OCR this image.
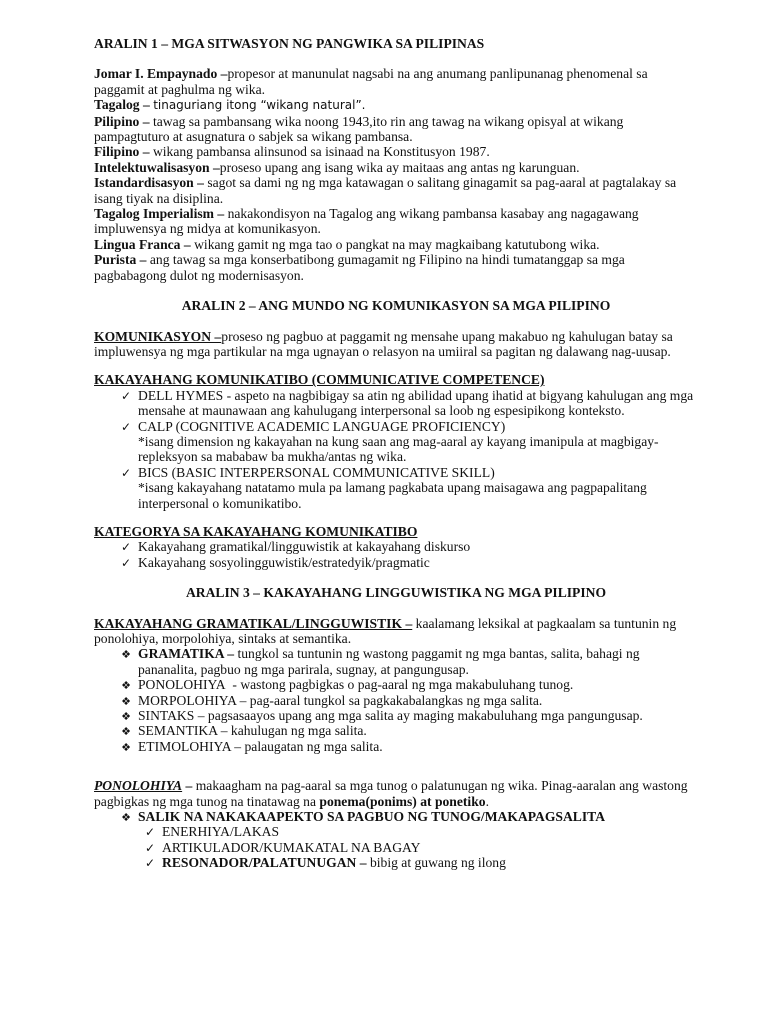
ARALIN 1 – MGA SITWASYON NG PANGWIKA SA PILIPINAS

Jomar I. Empaynado –propesor at manunulat nagsabi na ang anumang panlipunanag phenomenal sa paggamit at paghulma ng wika.

Tagalog – tinaguriang itong “wikang natural”.

Pilipino – tawag sa pambansang wika noong 1943,ito rin ang tawag na wikang opisyal at wikang pampagtuturo at asugnatura o sabjek sa wikang pambansa.

Filipino – wikang pambansa alinsunod sa isinaad na Konstitusyon 1987.

Intelektuwalisasyon –proseso upang ang isang wika ay maitaas ang antas ng karunguan.

Istandardisasyon – sagot sa dami ng ng mga katawagan o salitang ginagamit sa pag-aaral at pagtalakay sa isang tiyak na disiplina.

Tagalog Imperialism – nakakondisyon na Tagalog ang wikang pambansa kasabay ang nagagawang impluwensya ng midya at komunikasyon.

Lingua Franca – wikang gamit ng mga tao o pangkat na may magkaibang katutubong wika.

Purista – ang tawag sa mga konserbatibong gumagamit ng Filipino na hindi tumatanggap sa mga pagbabagong dulot ng modernisasyon.

ARALIN 2 – ANG MUNDO NG KOMUNIKASYON SA MGA PILIPINO

KOMUNIKASYON –proseso ng pagbuo at paggamit ng mensahe upang makabuo ng kahulugan batay sa impluwensya ng mga partikular na mga ugnayan o relasyon na umiiral sa pagitan ng dalawang nag-uusap.

KAKAYAHANG KOMUNIKATIBO (COMMUNICATIVE COMPETENCE)

✓
DELL HYMES - aspeto na nagbibigay sa atin ng abilidad upang ihatid at bigyang kahulugan ang mga mensahe at maunawaan ang kahulugang interpersonal sa loob ng espesipikong konteksto.
✓
CALP (COGNITIVE ACADEMIC LANGUAGE PROFICIENCY)
*isang dimension ng kakayahan na kung saan ang mag-aaral ay kayang imanipula at magbigay-repleksyon sa mababaw ba mukha/antas ng wika.
✓
BICS (BASIC INTERPERSONAL COMMUNICATIVE SKILL)
*isang kakayahang natatamo mula pa lamang pagkabata upang maisagawa ang pagpapalitang interpersonal o komunikatibo.

KATEGORYA SA KAKAYAHANG KOMUNIKATIBO

✓
Kakayahang gramatikal/lingguwistik at kakayahang diskurso
✓
Kakayahang sosyolingguwistik/estratedyik/pragmatic

ARALIN 3 – KAKAYAHANG LINGGUWISTIKA NG MGA PILIPINO

KAKAYAHANG GRAMATIKAL/LINGGUWISTIK – kaalamang leksikal at pagkaalam sa tuntunin ng ponolohiya, morpolohiya, sintaks at semantika.

❖
GRAMATIKA – tungkol sa tuntunin ng wastong paggamit ng mga bantas, salita, bahagi ng pananalita, pagbuo ng mga parirala, sugnay, at pangungusap.
❖
PONOLOHIYA - wastong pagbigkas o pag-aaral ng mga makabuluhang tunog.
❖
MORPOLOHIYA – pag-aaral tungkol sa pagkakabalangkas ng mga salita.
❖
SINTAKS – pagsasaayos upang ang mga salita ay maging makabuluhang mga pangungusap.
❖
SEMANTIKA – kahulugan ng mga salita.
❖
ETIMOLOHIYA – palaugatan ng mga salita.

PONOLOHIYA – makaagham na pag-aaral sa mga tunog o palatunugan ng wika. Pinag-aaralan ang wastong pagbigkas ng mga tunog na tinatawag na ponema(ponims) at ponetiko.

❖
SALIK NA NAKAKAAPEKTO SA PAGBUO NG TUNOG/MAKAPAGSALITA
✓
ENERHIYA/LAKAS
✓
ARTIKULADOR/KUMAKATAL NA BAGAY
✓
RESONADOR/PALATUNUGAN – bibig at guwang ng ilong
